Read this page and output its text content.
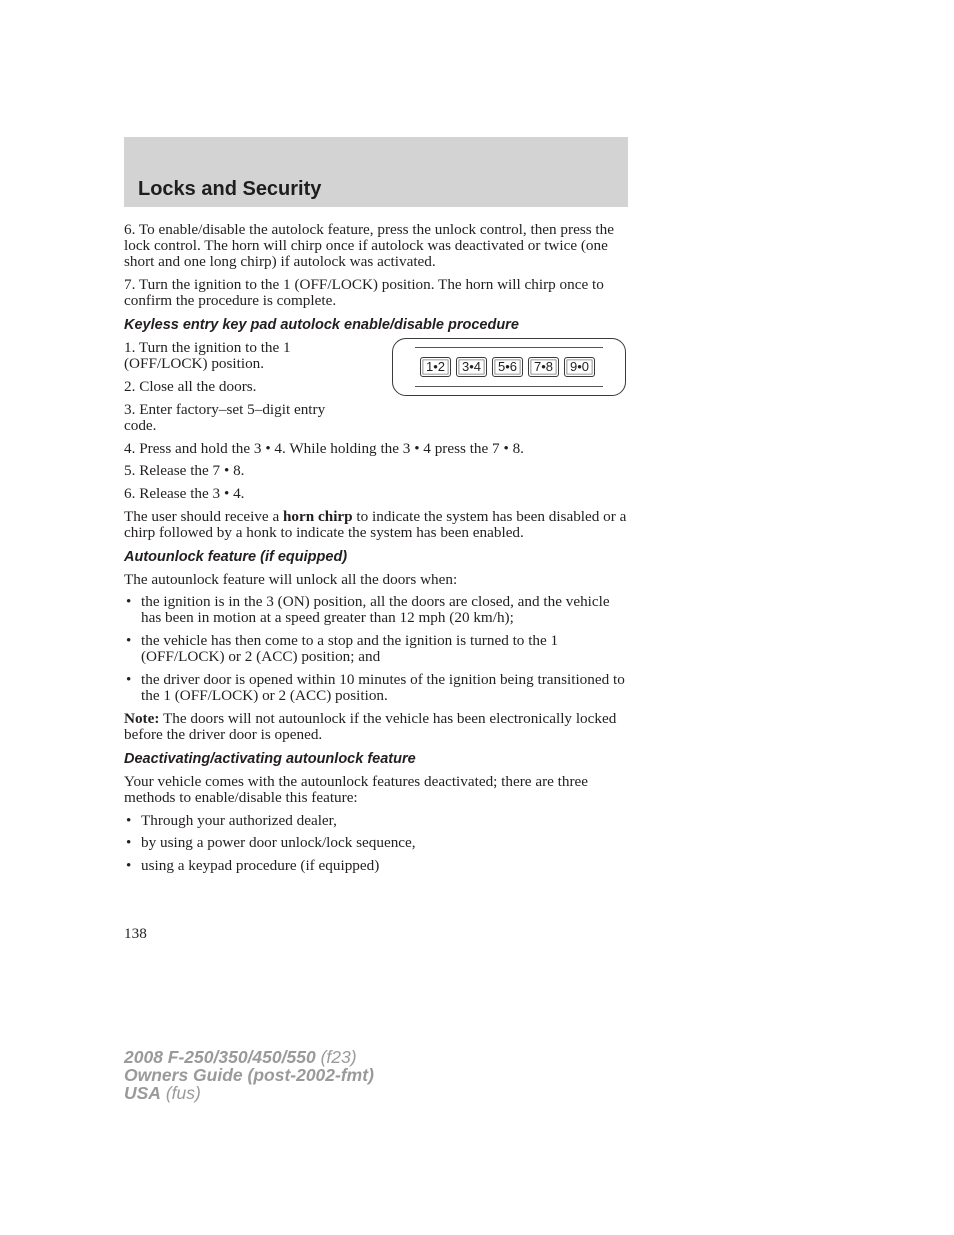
Locks and Security

6. To enable/disable the autolock feature, press the unlock control, then press the lock control. The horn will chirp once if autolock was deactivated or twice (one short and one long chirp) if autolock was activated.

7. Turn the ignition to the 1 (OFF/LOCK) position. The horn will chirp once to confirm the procedure is complete.

Keyless entry key pad autolock enable/disable procedure
1•2	3•4	5•6	7•8	9•0

1. Turn the ignition to the 1 (OFF/LOCK) position.

2. Close all the doors.

3. Enter factory–set 5–digit entry code.

4. Press and hold the 3 • 4. While holding the 3 • 4 press the 7 • 8.

5. Release the 7 • 8.

6. Release the 3 • 4.

The user should receive a horn chirp to indicate the system has been disabled or a chirp followed by a honk to indicate the system has been enabled.

Autounlock feature (if equipped)

The autounlock feature will unlock all the doors when:

• the ignition is in the 3 (ON) position, all the doors are closed, and the vehicle has been in motion at a speed greater than 12 mph (20 km/h);
• the vehicle has then come to a stop and the ignition is turned to the 1 (OFF/LOCK) or 2 (ACC) position; and
• the driver door is opened within 10 minutes of the ignition being transitioned to the 1 (OFF/LOCK) or 2 (ACC) position.

Note: The doors will not autounlock if the vehicle has been electronically locked before the driver door is opened.

Deactivating/activating autounlock feature

Your vehicle comes with the autounlock features deactivated; there are three methods to enable/disable this feature:

• Through your authorized dealer,
• by using a power door unlock/lock sequence,
• using a keypad procedure (if equipped)
138
2008 F-250/350/450/550 (f23)
Owners Guide (post-2002-fmt)
USA (fus)
